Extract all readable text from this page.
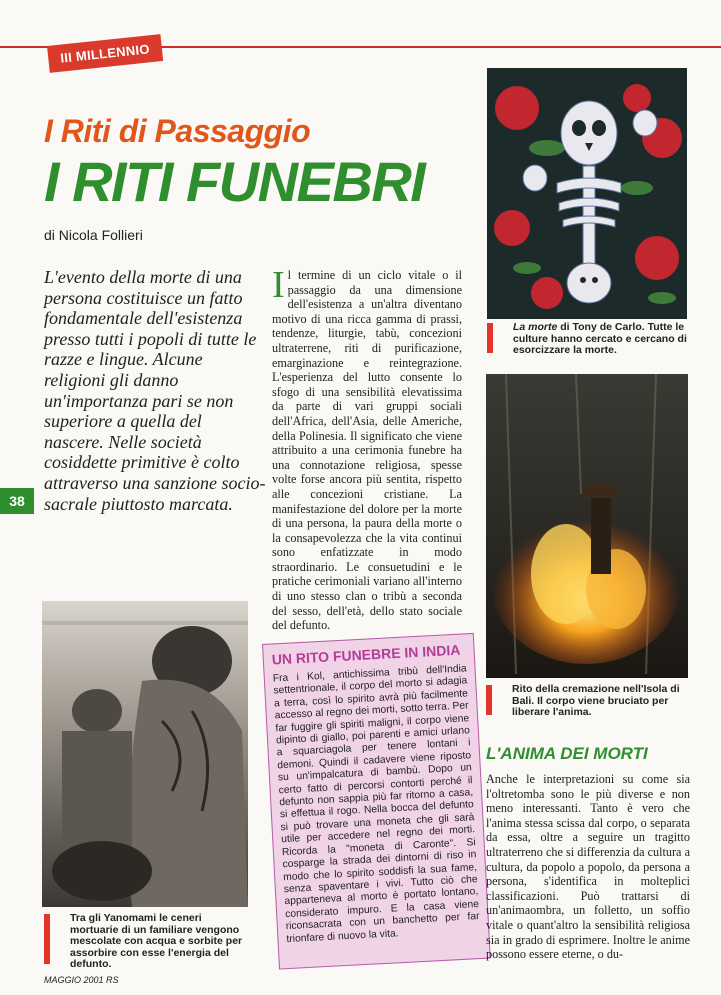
III MILLENNIO
I Riti di Passaggio
I RITI FUNEBRI
di Nicola Follieri
L'evento della morte di una persona costituisce un fatto fondamentale dell'esistenza presso tutti i popoli di tutte le razze e lingue. Alcune religioni gli danno un'importanza pari se non superiore a quella del nascere. Nelle società cosiddette primitive è colto attraverso una sanzione socio-sacrale piuttosto marcata.
38
Il termine di un ciclo vitale o il passaggio da una dimensione dell'esistenza a un'altra diventano motivo di una ricca gamma di prassi, tendenze, liturgie, tabù, concezioni ultraterrene, riti di purificazione, emarginazione e reintegrazione. L'esperienza del lutto consente lo sfogo di una sensibilità elevatissima da parte di vari gruppi sociali dell'Africa, dell'Asia, delle Americhe, della Polinesia. Il significato che viene attribuito a una cerimonia funebre ha una connotazione religiosa, spesse volte forse ancora più sentita, rispetto alle concezioni cristiane. La manifestazione del dolore per la morte di una persona, la paura della morte o la consapevolezza che la vita continui sono enfatizzate in modo straordinario. Le consuetudini e le pratiche cerimoniali variano all'interno di uno stesso clan o tribù a seconda del sesso, dell'età, dello stato sociale del defunto.
La morte di Tony de Carlo. Tutte le culture hanno cercato e cercano di esorcizzare la morte.
Rito della cremazione nell'Isola di Bali. Il corpo viene bruciato per liberare l'anima.
Tra gli Yanomami le ceneri mortuarie di un familiare vengono mescolate con acqua e sorbite per assorbire con esse l'energia del defunto.
UN RITO FUNEBRE IN INDIA
Fra i Kol, antichissima tribù dell'India settentrionale, il corpo del morto si adagia a terra, così lo spirito avrà più facilmente accesso al regno dei morti, sotto terra. Per far fuggire gli spiriti maligni, il corpo viene dipinto di giallo, poi parenti e amici urlano a squarciagola per tenere lontani i demoni. Quindi il cadavere viene riposto su un'impalcatura di bambù. Dopo un certo fatto di percorsi contorti perché il defunto non sappia più far ritorno a casa, si effettua il rogo. Nella bocca del defunto si può trovare una moneta che gli sarà utile per accedere nel regno dei morti. Ricorda la "moneta di Caronte". Si cosparge la strada dei dintorni di riso in modo che lo spirito soddisfi la sua fame, senza spaventare i vivi. Tutto ciò che apparteneva al morto è portato lontano, considerato impuro. E la casa viene riconsacrata con un banchetto per far trionfare di nuovo la vita.
L'ANIMA DEI MORTI
Anche le interpretazioni su come sia l'oltretomba sono le più diverse e non meno interessanti. Tanto è vero che l'anima stessa scissa dal corpo, o separata da essa, oltre a seguire un tragitto ultraterreno che si differenzia da cultura a cultura, da popolo a popolo, da persona a persona, s'identifica in molteplici classificazioni. Può trattarsi di un'animaombra, un folletto, un soffio vitale o quant'altro la sensibilità religiosa sia in grado di esprimere. Inoltre le anime possono essere eterne, o du-
MAGGIO 2001 RS
